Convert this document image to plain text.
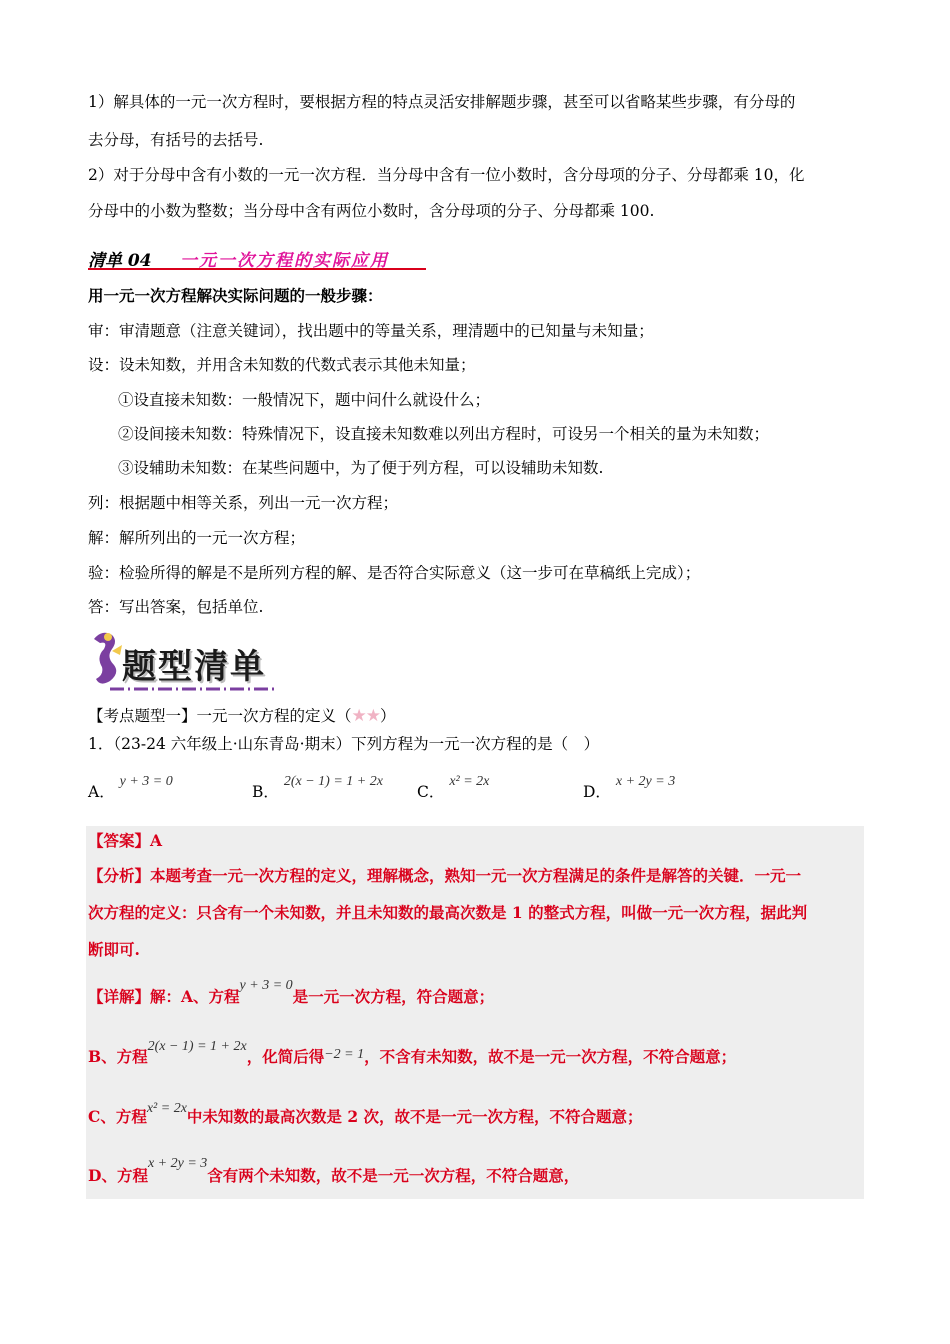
1）解具体的一元一次方程时，要根据方程的特点灵活安排解题步骤，甚至可以省略某些步骤，有分母的
去分母，有括号的去括号.
2）对于分母中含有小数的一元一次方程．当分母中含有一位小数时，含分母项的分子、分母都乘 10，化
分母中的小数为整数；当分母中含有两位小数时，含分母项的分子、分母都乘 100.
清单 04 一元一次方程的实际应用
用一元一次方程解决实际问题的一般步骤：
审：审清题意（注意关键词），找出题中的等量关系，理清题中的已知量与未知量；
设：设未知数，并用含未知数的代数式表示其他未知量；
①设直接未知数：一般情况下，题中问什么就设什么；
②设间接未知数：特殊情况下，设直接未知数难以列出方程时，可设另一个相关的量为未知数；
③设辅助未知数：在某些问题中，为了便于列方程，可以设辅助未知数.
列：根据题中相等关系，列出一元一次方程；
解：解所列出的一元一次方程；
验：检验所得的解是不是所列方程的解、是否符合实际意义（这一步可在草稿纸上完成）；
答：写出答案，包括单位.
题型清单
【考点题型一】一元一次方程的定义（★★）
1．（23-24 六年级上·山东青岛·期末）下列方程为一元一次方程的是（　）
A． y + 3 = 0
B． 2(x − 1) = 1 + 2x
C． x² = 2x
D． x + 2y = 3
【答案】A
【分析】本题考查一元一次方程的定义，理解概念，熟知一元一次方程满足的条件是解答的关键．一元一
次方程的定义：只含有一个未知数，并且未知数的最高次数是 1 的整式方程，叫做一元一次方程，据此判
断即可.
【详解】解：A、方程y + 3 = 0是一元一次方程，符合题意；
B、方程2(x − 1) = 1 + 2x，化简后得−2 = 1，不含有未知数，故不是一元一次方程，不符合题意；
C、方程x² = 2x中未知数的最高次数是 2 次，故不是一元一次方程，不符合题意；
D、方程x + 2y = 3含有两个未知数，故不是一元一次方程，不符合题意，
